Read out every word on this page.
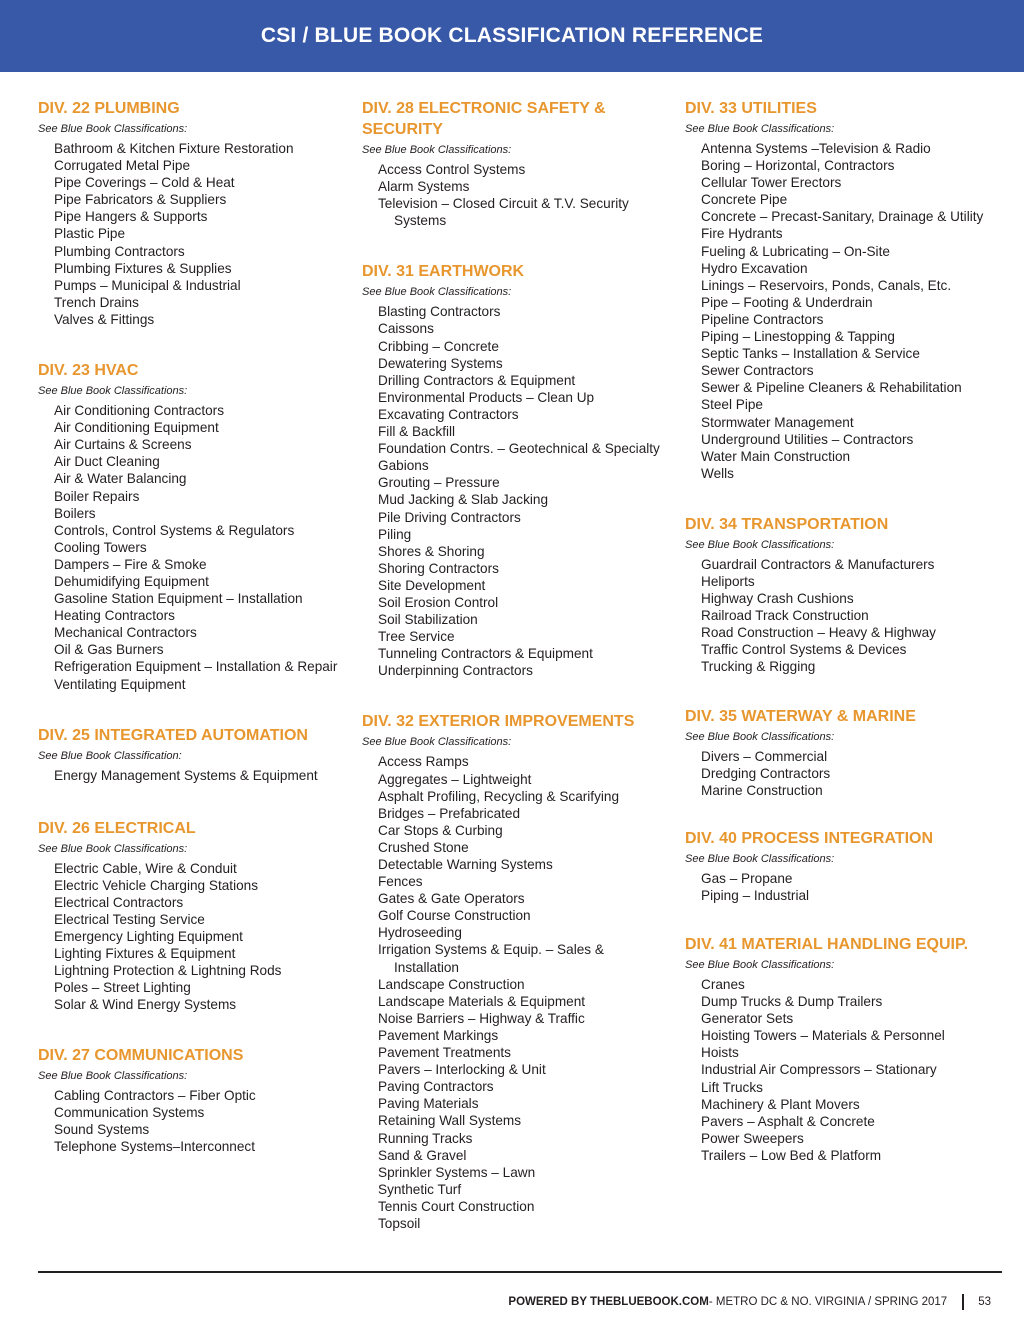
CSI / BLUE BOOK CLASSIFICATION REFERENCE
DIV. 22 PLUMBING

See Blue Book Classifications:

Bathroom & Kitchen Fixture Restoration
Corrugated Metal Pipe
Pipe Coverings – Cold & Heat
Pipe Fabricators & Suppliers
Pipe Hangers & Supports
Plastic Pipe
Plumbing Contractors
Plumbing Fixtures & Supplies
Pumps – Municipal & Industrial
Trench Drains
Valves & Fittings
DIV. 23 HVAC

See Blue Book Classifications:

Air Conditioning Contractors
Air Conditioning Equipment
Air Curtains & Screens
Air Duct Cleaning
Air & Water Balancing
Boiler Repairs
Boilers
Controls, Control Systems & Regulators
Cooling Towers
Dampers – Fire & Smoke
Dehumidifying Equipment
Gasoline Station Equipment – Installation
Heating Contractors
Mechanical Contractors
Oil & Gas Burners
Refrigeration Equipment – Installation & Repair
Ventilating Equipment
DIV. 25 INTEGRATED AUTOMATION

See Blue Book Classification:

Energy Management Systems & Equipment
DIV. 26 ELECTRICAL

See Blue Book Classifications:

Electric Cable, Wire & Conduit
Electric Vehicle Charging Stations
Electrical Contractors
Electrical Testing Service
Emergency Lighting Equipment
Lighting Fixtures & Equipment
Lightning Protection & Lightning Rods
Poles – Street Lighting
Solar & Wind Energy Systems
DIV. 27 COMMUNICATIONS

See Blue Book Classifications:

Cabling Contractors – Fiber Optic
Communication Systems
Sound Systems
Telephone Systems–Interconnect
DIV. 28 ELECTRONIC SAFETY & SECURITY

See Blue Book Classifications:

Access Control Systems
Alarm Systems
Television – Closed Circuit & T.V. Security Systems
DIV. 31 EARTHWORK

See Blue Book Classifications:

Blasting Contractors
Caissons
Cribbing – Concrete
Dewatering Systems
Drilling Contractors & Equipment
Environmental Products – Clean Up
Excavating Contractors
Fill & Backfill
Foundation Contrs. – Geotechnical & Specialty
Gabions
Grouting – Pressure
Mud Jacking & Slab Jacking
Pile Driving Contractors
Piling
Shores & Shoring
Shoring Contractors
Site Development
Soil Erosion Control
Soil Stabilization
Tree Service
Tunneling Contractors & Equipment
Underpinning Contractors
DIV. 32 EXTERIOR IMPROVEMENTS

See Blue Book Classifications:

Access Ramps
Aggregates – Lightweight
Asphalt Profiling, Recycling & Scarifying
Bridges – Prefabricated
Car Stops & Curbing
Crushed Stone
Detectable Warning Systems
Fences
Gates & Gate Operators
Golf Course Construction
Hydroseeding
Irrigation Systems & Equip. – Sales & Installation
Landscape Construction
Landscape Materials & Equipment
Noise Barriers – Highway & Traffic
Pavement Markings
Pavement Treatments
Pavers – Interlocking & Unit
Paving Contractors
Paving Materials
Retaining Wall Systems
Running Tracks
Sand & Gravel
Sprinkler Systems – Lawn
Synthetic Turf
Tennis Court Construction
Topsoil
DIV. 33 UTILITIES

See Blue Book Classifications:

Antenna Systems –Television & Radio
Boring – Horizontal, Contractors
Cellular Tower Erectors
Concrete Pipe
Concrete – Precast-Sanitary, Drainage & Utility
Fire Hydrants
Fueling & Lubricating – On-Site
Hydro Excavation
Linings – Reservoirs, Ponds, Canals, Etc.
Pipe – Footing & Underdrain
Pipeline Contractors
Piping – Linestopping & Tapping
Septic Tanks – Installation & Service
Sewer Contractors
Sewer & Pipeline Cleaners & Rehabilitation
Steel Pipe
Stormwater Management
Underground Utilities – Contractors
Water Main Construction
Wells
DIV. 34 TRANSPORTATION

See Blue Book Classifications:

Guardrail Contractors & Manufacturers
Heliports
Highway Crash Cushions
Railroad Track Construction
Road Construction – Heavy & Highway
Traffic Control Systems & Devices
Trucking & Rigging
DIV. 35 WATERWAY & MARINE

See Blue Book Classifications:

Divers – Commercial
Dredging Contractors
Marine Construction
DIV. 40 PROCESS INTEGRATION

See Blue Book Classifications:

Gas – Propane
Piping – Industrial
DIV. 41 MATERIAL HANDLING EQUIP.

See Blue Book Classifications:

Cranes
Dump Trucks & Dump Trailers
Generator Sets
Hoisting Towers – Materials & Personnel
Hoists
Industrial Air Compressors – Stationary
Lift Trucks
Machinery & Plant Movers
Pavers – Asphalt & Concrete
Power Sweepers
Trailers – Low Bed & Platform
POWERED BY THEBLUEBOOK.COM - METRO DC & NO. VIRGINIA / SPRING 2017	53
